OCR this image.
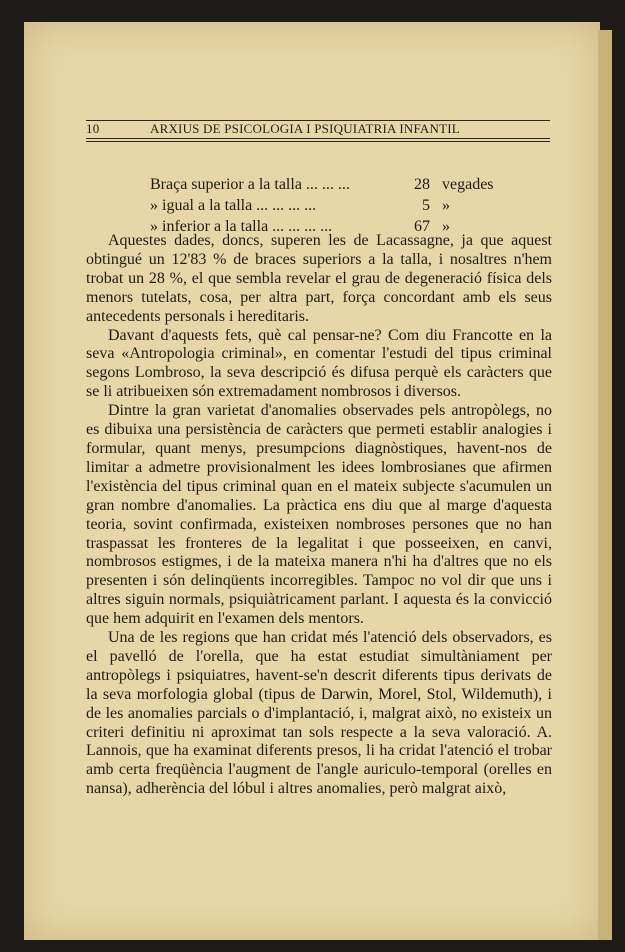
10	ARXIUS DE PSICOLOGIA I PSIQUIATRIA INFANTIL
Braça superior a la talla ... ... ...	28 vegades
» igual a la talla ... ... ... ...	5 »
» inferior a la talla ... ... ... ...	67 »

Aquestes dades, doncs, superen les de Lacassagne, ja que aquest obtingué un 12'83 % de braces superiors a la talla, i nosaltres n'hem trobat un 28 %, el que sembla revelar el grau de degeneració física dels menors tutelats, cosa, per altra part, força concordant amb els seus antecedents personals i hereditaris.

Davant d'aquests fets, què cal pensar-ne? Com diu Francotte en la seva «Antropologia criminal», en comentar l'estudi del tipus criminal segons Lombroso, la seva descripció és difusa perquè els caràcters que se li atribueixen són extremadament nombrosos i diversos.

Dintre la gran varietat d'anomalies observades pels antropòlegs, no es dibuixa una persistència de caràcters que permeti establir analogies i formular, quant menys, presumpcions diagnòstiques, havent-nos de limitar a admetre provisionalment les idees lombrosianes que afirmen l'existència del tipus criminal quan en el mateix subjecte s'acumulen un gran nombre d'anomalies. La pràctica ens diu que al marge d'aquesta teoria, sovint confirmada, existeixen nombroses persones que no han traspassat les fronteres de la legalitat i que posseeixen, en canvi, nombrosos estigmes, i de la mateixa manera n'hi ha d'altres que no els presenten i són delinqüents incorregibles. Tampoc no vol dir que uns i altres siguin normals, psiquiàtricament parlant. I aquesta és la convicció que hem adquirit en l'examen dels mentors.

Una de les regions que han cridat més l'atenció dels observadors, es el pavelló de l'orella, que ha estat estudiat simultàniament per antropòlegs i psiquiatres, havent-se'n descrit diferents tipus derivats de la seva morfologia global (tipus de Darwin, Morel, Stol, Wildemuth), i de les anomalies parcials o d'implantació, i, malgrat això, no existeix un criteri definitiu ni aproximat tan sols respecte a la seva valoració. A. Lannois, que ha examinat diferents presos, li ha cridat l'atenció el trobar amb certa freqüència l'augment de l'angle auriculo-temporal (orelles en nansa), adherència del lóbul i altres anomalies, però malgrat això,
